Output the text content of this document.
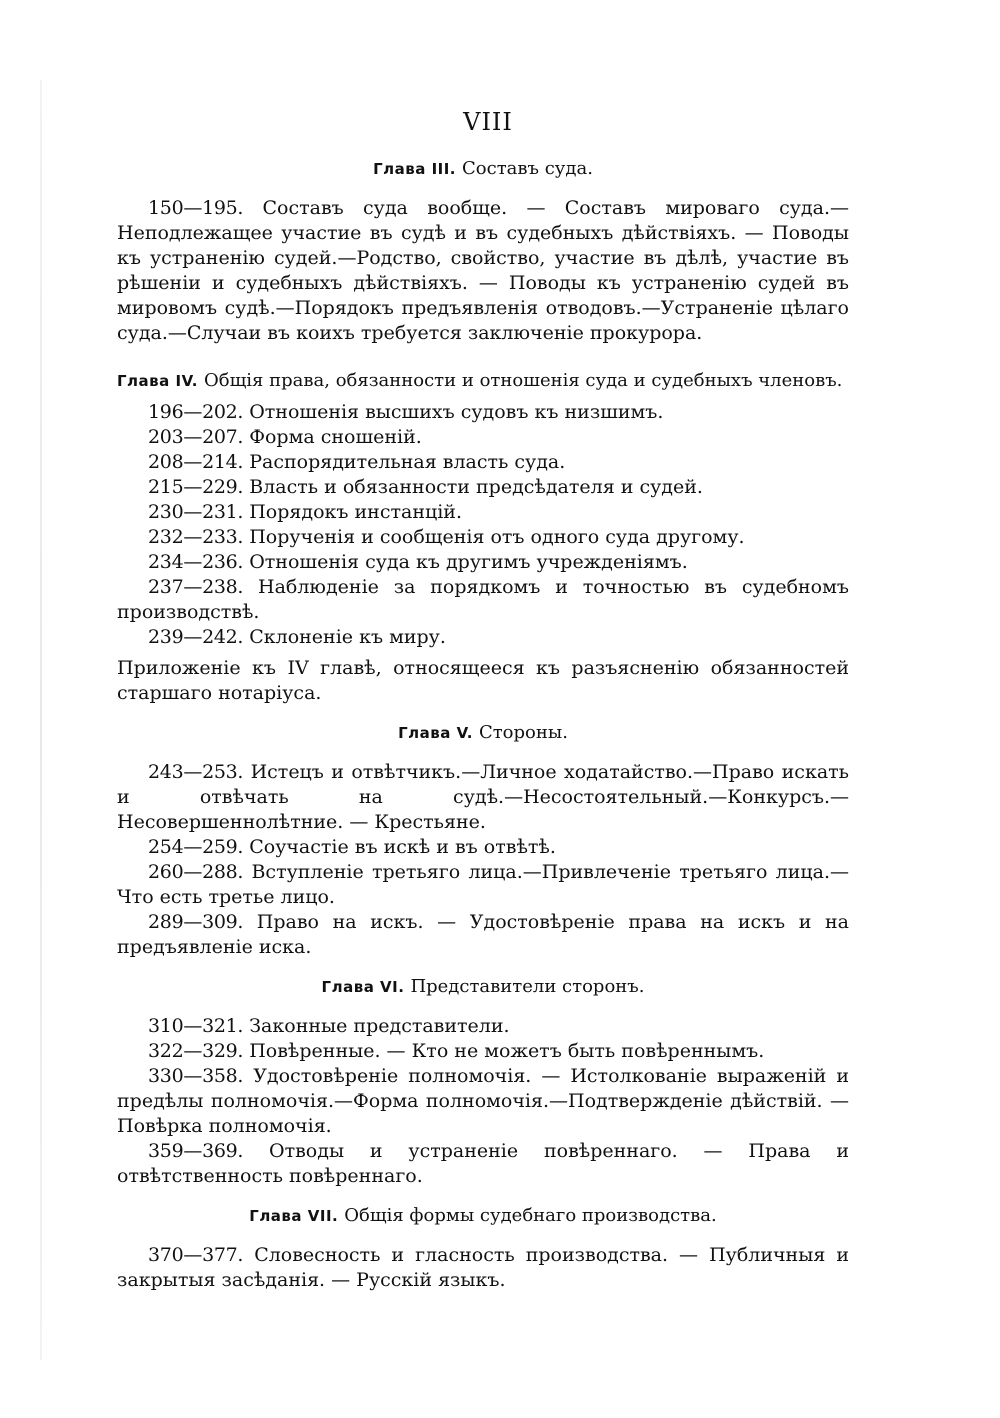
VIII
Глава III. Составъ суда.

150—195. Составъ суда вообще. — Составъ мироваго суда.—Неподлежащее участие въ судѣ и въ судебныхъ дѣйствiяхъ. — Поводы къ устраненiю судей.—Родство, свойство, участие въ дѣлѣ, участие въ рѣшенiи и судебныхъ дѣйствiяхъ. — Поводы къ устраненiю судей въ мировомъ судѣ.—Порядокъ предъявленiя отводовъ.—Устраненiе цѣлаго суда.—Случаи въ коихъ требуется заключенiе прокурора.

Глава IV. Общiя права, обязанности и отношенiя суда и судебныхъ членовъ.

196—202. Отношенiя высшихъ судовъ къ низшимъ.

203—207. Форма сношенiй.

208—214. Распорядительная власть суда.

215—229. Власть и обязанности предсѣдателя и судей.

230—231. Порядокъ инстанцiй.

232—233. Порученiя и сообщенiя отъ одного суда другому.

234—236. Отношенiя суда къ другимъ учрежденiямъ.

237—238. Наблюденiе за порядкомъ и точностью въ судебномъ производствѣ.

239—242. Склоненiе къ миру.

Приложенiе къ IV главѣ, относящееся къ разъясненiю обязанностей старшаго нотарiуса.

Глава V. Стороны.

243—253. Истецъ и отвѣтчикъ.—Личное ходатайство.—Право искать и отвѣчать на судѣ.—Несостоятельный.—Конкурсъ.—Несовершеннолѣтние. — Крестьяне.

254—259. Соучастiе въ искѣ и въ отвѣтѣ.

260—288. Вступленiе третьяго лица.—Привлеченiе третьяго лица.—Что есть третье лицо.

289—309. Право на искъ. — Удостовѣренiе права на искъ и на предъявленiе иска.

Глава VI. Представители сторонъ.

310—321. Законные представители.

322—329. Повѣренные. — Кто не можетъ быть повѣреннымъ.

330—358. Удостовѣренiе полномочiя. — Истолкованiе выраженiй и предѣлы полномочiя.—Форма полномочiя.—Подтвержденiе дѣйствiй. — Повѣрка полномочiя.

359—369. Отводы и устраненiе повѣреннаго. — Права и отвѣтственность повѣреннаго.

Глава VII. Общiя формы судебнаго производства.

370—377. Словесность и гласность производства. — Публичныя и закрытыя засѣданiя. — Русскiй языкъ.
